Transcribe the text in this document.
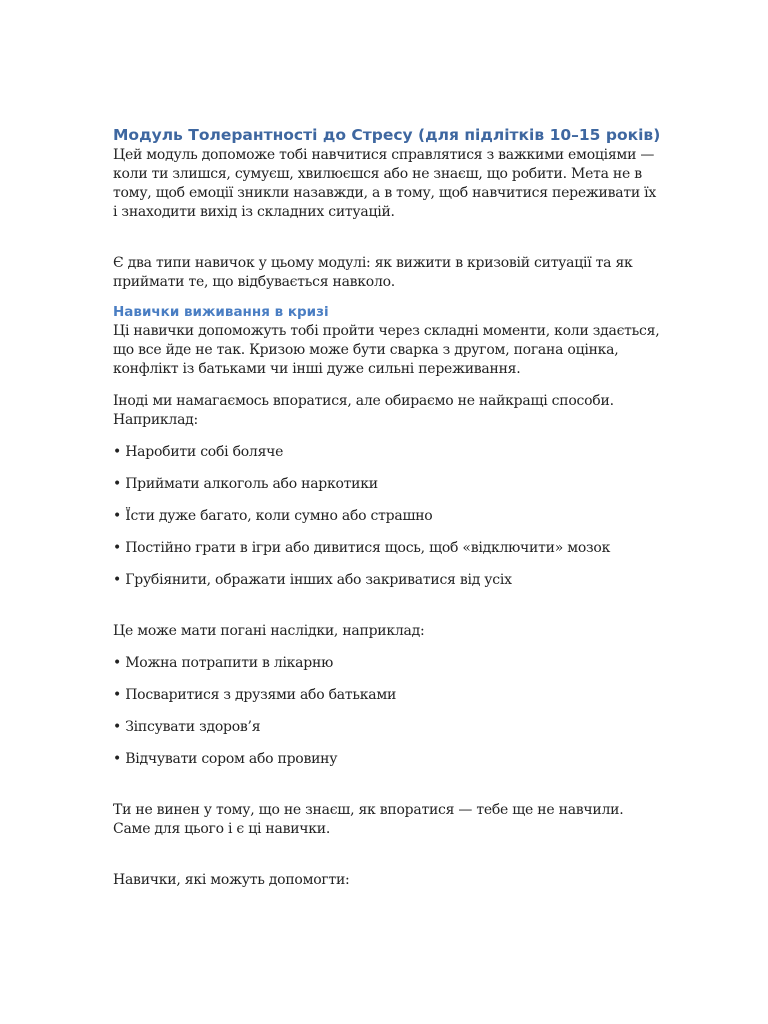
Модуль Толерантності до Стресу (для підлітків 10–15 років)

Цей модуль допоможе тобі навчитися справлятися з важкими емоціями — коли ти злишся, сумуєш, хвилюєшся або не знаєш, що робити. Мета не в тому, щоб емоції зникли назавжди, а в тому, щоб навчитися переживати їх і знаходити вихід із складних ситуацій.

Є два типи навичок у цьому модулі: як вижити в кризовій ситуації та як приймати те, що відбувається навколо.

Навички виживання в кризі

Ці навички допоможуть тобі пройти через складні моменти, коли здається, що все йде не так. Кризою може бути сварка з другом, погана оцінка, конфлікт із батьками чи інші дуже сильні переживання.

Іноді ми намагаємось впоратися, але обираємо не найкращі способи. Наприклад:

• Наробити собі боляче

• Приймати алкоголь або наркотики

• Їсти дуже багато, коли сумно або страшно

• Постійно грати в ігри або дивитися щось, щоб «відключити» мозок

• Грубіянити, ображати інших або закриватися від усіх

Це може мати погані наслідки, наприклад:

• Можна потрапити в лікарню

• Посваритися з друзями або батьками

• Зіпсувати здоров’я

• Відчувати сором або провину

Ти не винен у тому, що не знаєш, як впоратися — тебе ще не навчили. Саме для цього і є ці навички.

Навички, які можуть допомогти:
